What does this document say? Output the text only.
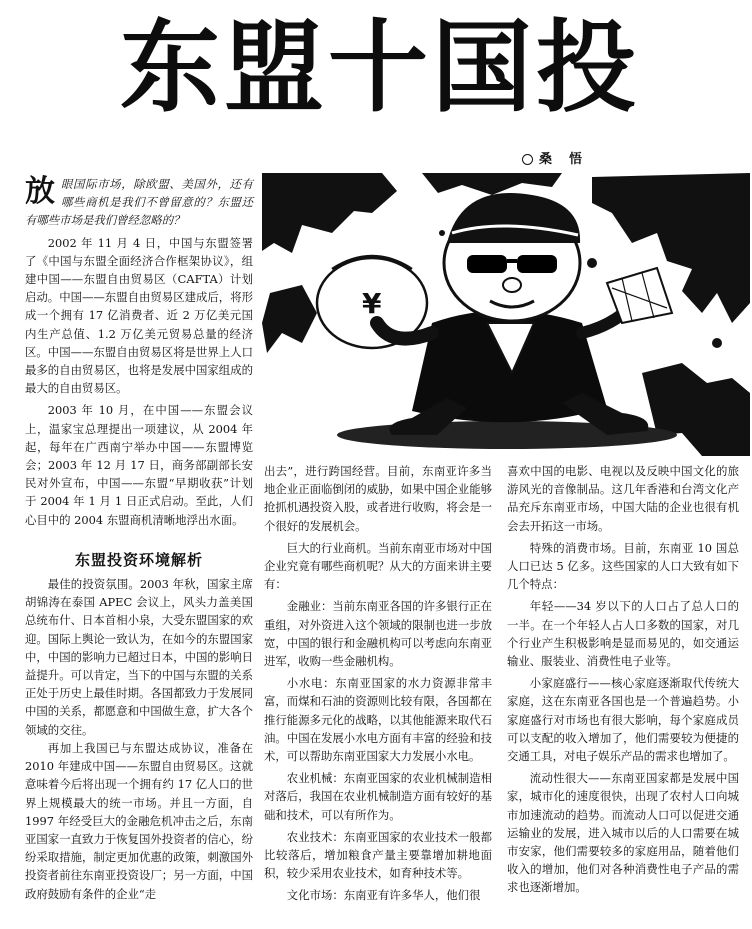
东盟十国投
桑　悟

放眼国际市场，除欧盟、美国外，还有哪些商机是我们不曾留意的？东盟还有哪些市场是我们曾经忽略的？

2002 年 11 月 4 日，中国与东盟签署了《中国与东盟全面经济合作框架协议》，组建中国——东盟自由贸易区（CAFTA）计划启动。中国——东盟自由贸易区建成后，将形成一个拥有 17 亿消费者、近 2 万亿美元国内生产总值、1.2 万亿美元贸易总量的经济区。中国——东盟自由贸易区将是世界上人口最多的自由贸易区，也将是发展中国家组成的最大的自由贸易区。

2003 年 10 月，在中国——东盟会议上，温家宝总理提出一项建议，从 2004 年起，每年在广西南宁举办中国——东盟博览会；2003 年 12 月 17 日，商务部副部长安民对外宣布，中国——东盟“早期收获”计划于 2004 年 1 月 1 日正式启动。至此，人们心目中的 2004 东盟商机清晰地浮出水面。

东盟投资环境解析

最佳的投资氛围。2003 年秋，国家主席胡锦涛在泰国 APEC 会议上，风头力盖美国总统布什、日本首相小泉，大受东盟国家的欢迎。国际上舆论一致认为，在如今的东盟国家中，中国的影响力已超过日本，中国的影响日益提升。可以肯定，当下的中国与东盟的关系正处于历史上最佳时期。各国都致力于发展同中国的关系，都愿意和中国做生意，扩大各个领域的交往。

再加上我国已与东盟达成协议，准备在 2010 年建成中国——东盟自由贸易区。这就意味着今后将出现一个拥有约 17 亿人口的世界上规模最大的统一市场。并且一方面，自 1997 年经受巨大的金融危机冲击之后，东南亚国家一直致力于恢复国外投资者的信心，纷纷采取措施，制定更加优惠的政策，刺激国外投资者前往东南亚投资设厂；另一方面，中国政府鼓励有条件的企业“走

¥

出去”，进行跨国经营。目前，东南亚许多当地企业正面临倒闭的威胁，如果中国企业能够抢抓机遇投资入股，或者进行收购，将会是一个很好的发展机会。

巨大的行业商机。当前东南亚市场对中国企业究竟有哪些商机呢？从大的方面来讲主要有：

金融业：当前东南亚各国的许多银行正在重组，对外资进入这个领域的限制也进一步放宽，中国的银行和金融机构可以考虑向东南亚进军，收购一些金融机构。

小水电：东南亚国家的水力资源非常丰富，而煤和石油的资源则比较有限，各国都在推行能源多元化的战略，以其他能源来取代石油。中国在发展小水电方面有丰富的经验和技术，可以帮助东南亚国家大力发展小水电。

农业机械：东南亚国家的农业机械制造相对落后，我国在农业机械制造方面有较好的基础和技术，可以有所作为。

农业技术：东南亚国家的农业技术一般都比较落后，增加粮食产量主要靠增加耕地面积，较少采用农业技术，如育种技术等。

文化市场：东南亚有许多华人，他们很

喜欢中国的电影、电视以及反映中国文化的旅游风光的音像制品。这几年香港和台湾文化产品充斥东南亚市场，中国大陆的企业也很有机会去开拓这一市场。

特殊的消费市场。目前，东南亚 10 国总人口已达 5 亿多。这些国家的人口大致有如下几个特点：

年轻——34 岁以下的人口占了总人口的一半。在一个年轻人占人口多数的国家，对几个行业产生积极影响是显而易见的，如交通运输业、服装业、消费性电子业等。

小家庭盛行——核心家庭逐渐取代传统大家庭，这在东南亚各国也是一个普遍趋势。小家庭盛行对市场也有很大影响，每个家庭成员可以支配的收入增加了，他们需要较为便捷的交通工具，对电子娱乐产品的需求也增加了。

流动性很大——东南亚国家都是发展中国家，城市化的速度很快，出现了农村人口向城市加速流动的趋势。而流动人口可以促进交通运输业的发展，进入城市以后的人口需要在城市安家，他们需要较多的家庭用品，随着他们收入的增加，他们对各种消费性电子产品的需求也逐渐增加。
